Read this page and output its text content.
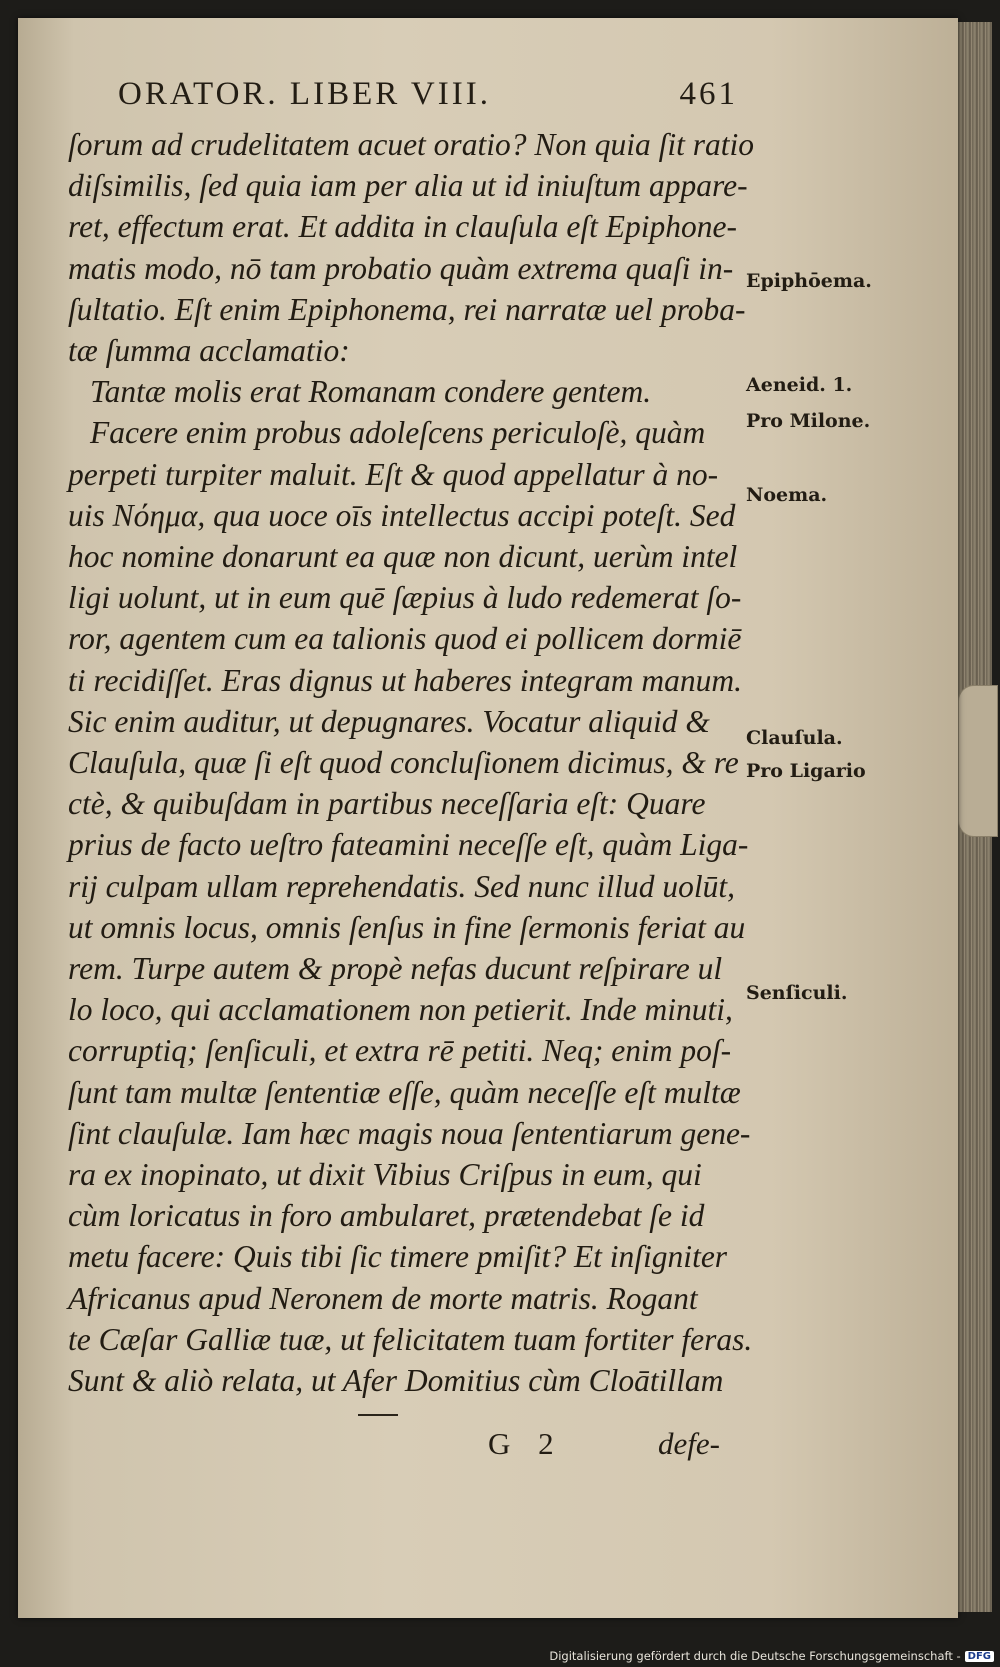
ORATOR. LIBER VIII.	461
ſorum ad crudelitatem acuet oratio? Non quia ſit ratio
diſsimilis, ſed quia iam per alia ut id iniuſtum appare-
ret, effectum erat. Et addita in clauſula eſt Epiphone-
matis modo, nō tam probatio quàm extrema quaſi in-
ſultatio. Eſt enim Epiphonema, rei narratæ uel proba-
tæ ſumma acclamatio:
Tantæ molis erat Romanam condere gentem.
Facere enim probus adoleſcens periculoſè, quàm
perpeti turpiter maluit. Eſt & quod appellatur à no-
uis Νόημα, qua uoce oīs intellectus accipi poteſt. Sed
hoc nomine donarunt ea quæ non dicunt, uerùm intel
ligi uolunt, ut in eum quē ſæpius à ludo redemerat ſo-
ror, agentem cum ea talionis quod ei pollicem dormiē
ti recidiſſet. Eras dignus ut haberes integram manum.
Sic enim auditur, ut depugnares. Vocatur aliquid &
Clauſula, quæ ſi eſt quod concluſionem dicimus, & re
ctè, & quibuſdam in partibus neceſſaria eſt: Quare
prius de facto ueſtro fateamini neceſſe eſt, quàm Liga-
rij culpam ullam reprehendatis. Sed nunc illud uolūt,
ut omnis locus, omnis ſenſus in fine ſermonis feriat au
rem. Turpe autem & propè nefas ducunt reſpirare ul
lo loco, qui acclamationem non petierit. Inde minuti,
corruptiq; ſenſiculi, et extra rē petiti. Neq; enim poſ-
ſunt tam multæ ſententiæ eſſe, quàm neceſſe eſt multæ
ſint clauſulæ. Iam hæc magis noua ſententiarum gene-
ra ex inopinato, ut dixit Vibius Criſpus in eum, qui
cùm loricatus in foro ambularet, prætendebat ſe id
metu facere: Quis tibi ſic timere pmiſit? Et inſigniter
Africanus apud Neronem de morte matris. Rogant
te Cæſar Galliæ tuæ, ut felicitatem tuam fortiter feras.
Sunt & aliò relata, ut Afer Domitius cùm Cloātillam
Epiphōema.
Aeneid. 1.
Pro Milone.
Noema.
Clauſula.
Pro Ligario
Senſiculi.
G 2	defe-
Digitalisierung gefördert durch die Deutsche Forschungsgemeinschaft - DFG
